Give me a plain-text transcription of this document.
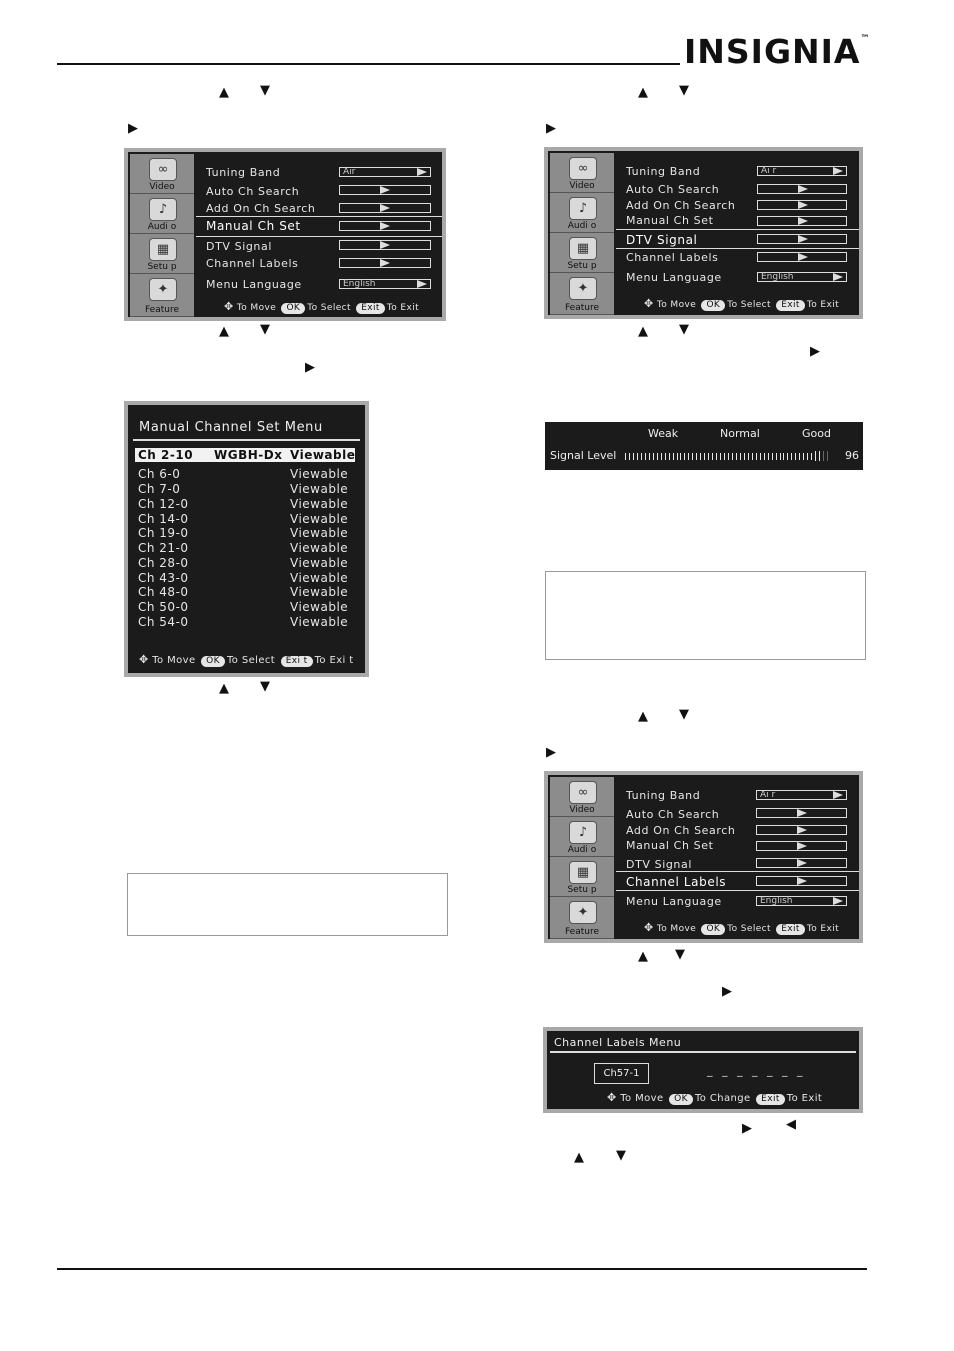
INSIGNIA™
▲ ▼
▶
∞
Video
♪
Audi o
▦
Setu p
✦
Feature
Tuning Band	Air
Auto Ch Search
Add On Ch Search
Manual Ch Set
DTV Signal
Channel Labels
Menu Language	English
✥ To Move OK To Select Exit To Exit
▲ ▼
▶
Manual Channel Set Menu
Ch 2-10 WGBH-Dx Viewable
Ch 6-0	Viewable
Ch 7-0	Viewable
Ch 12-0	Viewable
Ch 14-0	Viewable
Ch 19-0	Viewable
Ch 21-0	Viewable
Ch 28-0	Viewable
Ch 43-0	Viewable
Ch 48-0	Viewable
Ch 50-0	Viewable
Ch 54-0	Viewable
✥ To Move OK To Select Exi t To Exi t
▲ ▼
▲ ▼
▶
∞
Video
♪
Audi o
▦
Setu p
✦
Feature
Tuning Band	Ai r
Auto Ch Search
Add On Ch Search
Manual Ch Set
DTV Signal
Channel Labels
Menu Language	English
✥ To Move OK To Select Exit To Exit
▲ ▼
▶
Weak	Normal	Good
Signal Level	96
▲ ▼
▶
∞
Video
♪
Audi o
▦
Setu p
✦
Feature
Tuning Band	Ai r
Auto Ch Search
Add On Ch Search
Manual Ch Set
DTV Signal
Channel Labels
Menu Language	English
✥ To Move OK To Select Exit To Exit
▲ ▼
▶
Channel Labels Menu
Ch57-1	_ _ _ _ _ _ _
✥ To Move OK To Change Exit To Exit
▶	◀
▲ ▼
